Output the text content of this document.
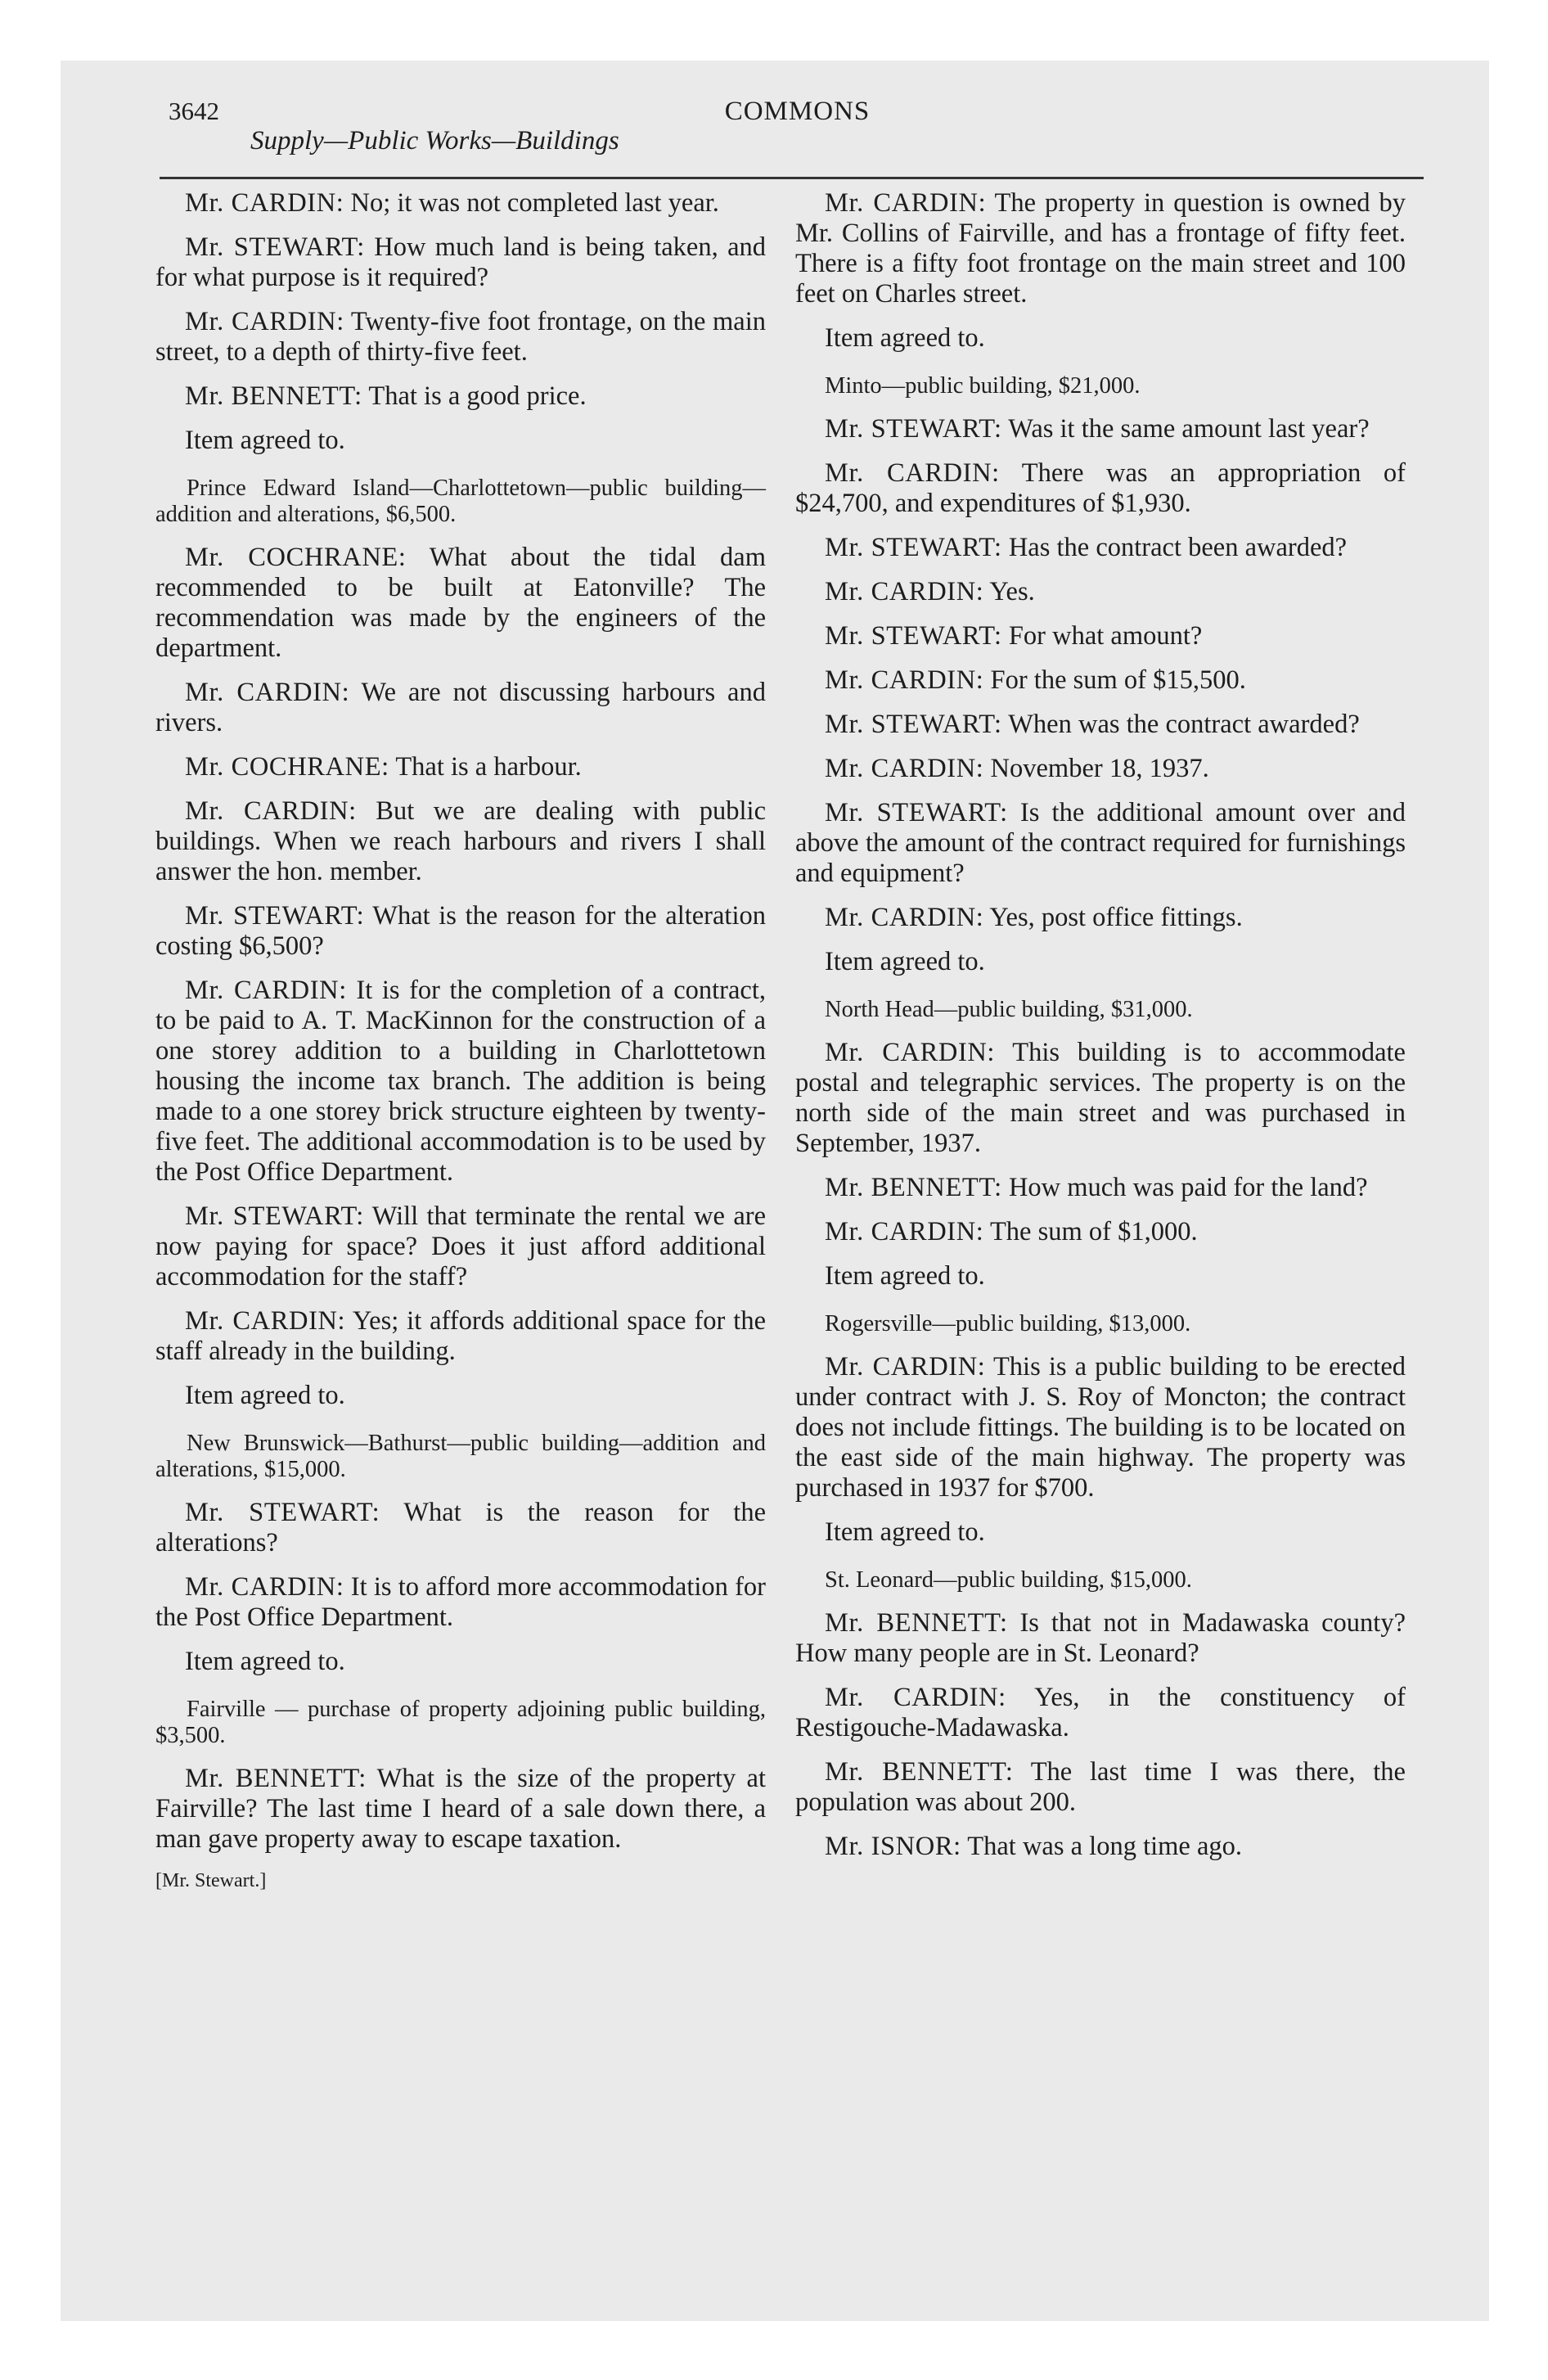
3642	COMMONS
Supply—Public Works—Buildings

Mr. CARDIN: No; it was not completed last year.

Mr. STEWART: How much land is being taken, and for what purpose is it required?

Mr. CARDIN: Twenty-five foot frontage, on the main street, to a depth of thirty-five feet.

Mr. BENNETT: That is a good price.

Item agreed to.

Prince Edward Island—Charlottetown—public building—addition and alterations, $6,500.

Mr. COCHRANE: What about the tidal dam recommended to be built at Eatonville? The recommendation was made by the engineers of the department.

Mr. CARDIN: We are not discussing harbours and rivers.

Mr. COCHRANE: That is a harbour.

Mr. CARDIN: But we are dealing with public buildings. When we reach harbours and rivers I shall answer the hon. member.

Mr. STEWART: What is the reason for the alteration costing $6,500?

Mr. CARDIN: It is for the completion of a contract, to be paid to A. T. MacKinnon for the construction of a one storey addition to a building in Charlottetown housing the income tax branch. The addition is being made to a one storey brick structure eighteen by twenty-five feet. The additional accommodation is to be used by the Post Office Department.

Mr. STEWART: Will that terminate the rental we are now paying for space? Does it just afford additional accommodation for the staff?

Mr. CARDIN: Yes; it affords additional space for the staff already in the building.

Item agreed to.

New Brunswick—Bathurst—public building—addition and alterations, $15,000.

Mr. STEWART: What is the reason for the alterations?

Mr. CARDIN: It is to afford more accommodation for the Post Office Department.

Item agreed to.

Fairville — purchase of property adjoining public building, $3,500.

Mr. BENNETT: What is the size of the property at Fairville? The last time I heard of a sale down there, a man gave property away to escape taxation.

[Mr. Stewart.]

Mr. CARDIN: The property in question is owned by Mr. Collins of Fairville, and has a frontage of fifty feet. There is a fifty foot frontage on the main street and 100 feet on Charles street.

Item agreed to.

Minto—public building, $21,000.

Mr. STEWART: Was it the same amount last year?

Mr. CARDIN: There was an appropriation of $24,700, and expenditures of $1,930.

Mr. STEWART: Has the contract been awarded?

Mr. CARDIN: Yes.

Mr. STEWART: For what amount?

Mr. CARDIN: For the sum of $15,500.

Mr. STEWART: When was the contract awarded?

Mr. CARDIN: November 18, 1937.

Mr. STEWART: Is the additional amount over and above the amount of the contract required for furnishings and equipment?

Mr. CARDIN: Yes, post office fittings.

Item agreed to.

North Head—public building, $31,000.

Mr. CARDIN: This building is to accommodate postal and telegraphic services. The property is on the north side of the main street and was purchased in September, 1937.

Mr. BENNETT: How much was paid for the land?

Mr. CARDIN: The sum of $1,000.

Item agreed to.

Rogersville—public building, $13,000.

Mr. CARDIN: This is a public building to be erected under contract with J. S. Roy of Moncton; the contract does not include fittings. The building is to be located on the east side of the main highway. The property was purchased in 1937 for $700.

Item agreed to.

St. Leonard—public building, $15,000.

Mr. BENNETT: Is that not in Madawaska county? How many people are in St. Leonard?

Mr. CARDIN: Yes, in the constituency of Restigouche-Madawaska.

Mr. BENNETT: The last time I was there, the population was about 200.

Mr. ISNOR: That was a long time ago.
